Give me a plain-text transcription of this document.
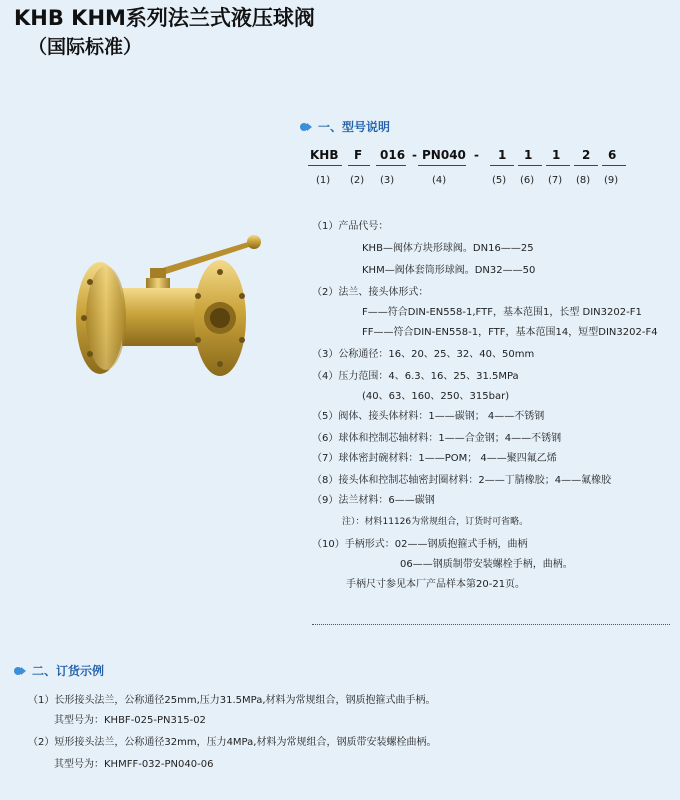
KHB KHM系列法兰式液压球阀
（国际标准）
一、型号说明
KHB F 016 - PN040 - 1 1 1 2 6
(1) (2) (3)	(4)	(5) (6) (7) (8) (9)
（1）产品代号：
KHB—阀体方块形球阀。DN16——25
KHM—阀体套筒形球阀。DN32——50
（2）法兰、接头体形式：
F——符合DIN-EN558-1,FTF，基本范围1，长型 DIN3202-F1
FF——符合DIN-EN558-1，FTF，基本范围14，短型DIN3202-F4
（3）公称通径：16、20、25、32、40、50mm
（4）压力范围：4、6.3、16、25、31.5MPa
(40、63、160、250、315bar)
（5）阀体、接头体材料：1——碳钢； 4——不锈钢
（6）球体和控制芯轴材料：1——合金钢；4——不锈钢
（7）球体密封碗材料：1——POM； 4——聚四氟乙烯
（8）接头体和控制芯轴密封圈材料：2——丁腈橡胶；4——氟橡胶
（9）法兰材料：6——碳钢
注）：材料11126为常规组合，订货时可省略。
（10）手柄形式：02——钢质抱箍式手柄，曲柄
06——钢质制带安装螺栓手柄，曲柄。
手柄尺寸参见本厂产品样本第20-21页。
二、订货示例
（1）长形接头法兰，公称通径25mm,压力31.5MPa,材料为常规组合，钢质抱箍式曲手柄。
其型号为：KHBF-025-PN315-02
（2）短形接头法兰，公称通径32mm，压力4MPa,材料为常规组合，钢质带安装螺栓曲柄。
其型号为：KHMFF-032-PN040-06
